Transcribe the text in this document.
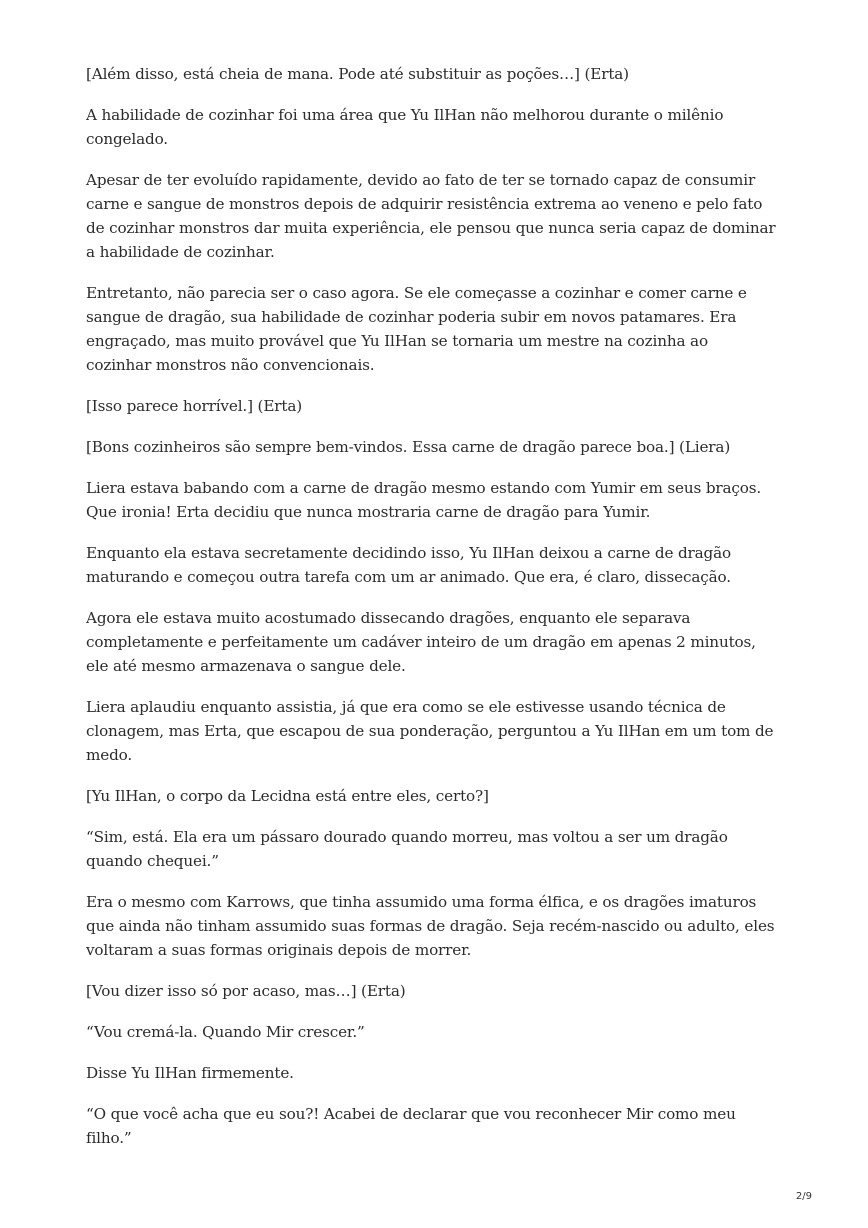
[Além disso, está cheia de mana. Pode até substituir as poções…] (Erta)

A habilidade de cozinhar foi uma área que Yu IlHan não melhorou durante o milênio congelado.

Apesar de ter evoluído rapidamente, devido ao fato de ter se tornado capaz de consumir carne e sangue de monstros depois de adquirir resistência extrema ao veneno e pelo fato de cozinhar monstros dar muita experiência, ele pensou que nunca seria capaz de dominar a habilidade de cozinhar.

Entretanto, não parecia ser o caso agora. Se ele começasse a cozinhar e comer carne e sangue de dragão, sua habilidade de cozinhar poderia subir em novos patamares. Era engraçado, mas muito provável que Yu IlHan se tornaria um mestre na cozinha ao cozinhar monstros não convencionais.

[Isso parece horrível.] (Erta)

[Bons cozinheiros são sempre bem-vindos. Essa carne de dragão parece boa.] (Liera)

Liera estava babando com a carne de dragão mesmo estando com Yumir em seus braços. Que ironia! Erta decidiu que nunca mostraria carne de dragão para Yumir.

Enquanto ela estava secretamente decidindo isso, Yu IlHan deixou a carne de dragão maturando e começou outra tarefa com um ar animado. Que era, é claro, dissecação.

Agora ele estava muito acostumado dissecando dragões, enquanto ele separava completamente e perfeitamente um cadáver inteiro de um dragão em apenas 2 minutos, ele até mesmo armazenava o sangue dele.

Liera aplaudiu enquanto assistia, já que era como se ele estivesse usando técnica de clonagem, mas Erta, que escapou de sua ponderação, perguntou a Yu IlHan em um tom de medo.

[Yu IlHan, o corpo da Lecidna está entre eles, certo?]

“Sim, está. Ela era um pássaro dourado quando morreu, mas voltou a ser um dragão quando chequei.”

Era o mesmo com Karrows, que tinha assumido uma forma élfica, e os dragões imaturos que ainda não tinham assumido suas formas de dragão. Seja recém-nascido ou adulto, eles voltaram a suas formas originais depois de morrer.

[Vou dizer isso só por acaso, mas…] (Erta)

“Vou cremá-la. Quando Mir crescer.”

Disse Yu IlHan firmemente.

“O que você acha que eu sou?! Acabei de declarar que vou reconhecer Mir como meu filho.”

2/9
